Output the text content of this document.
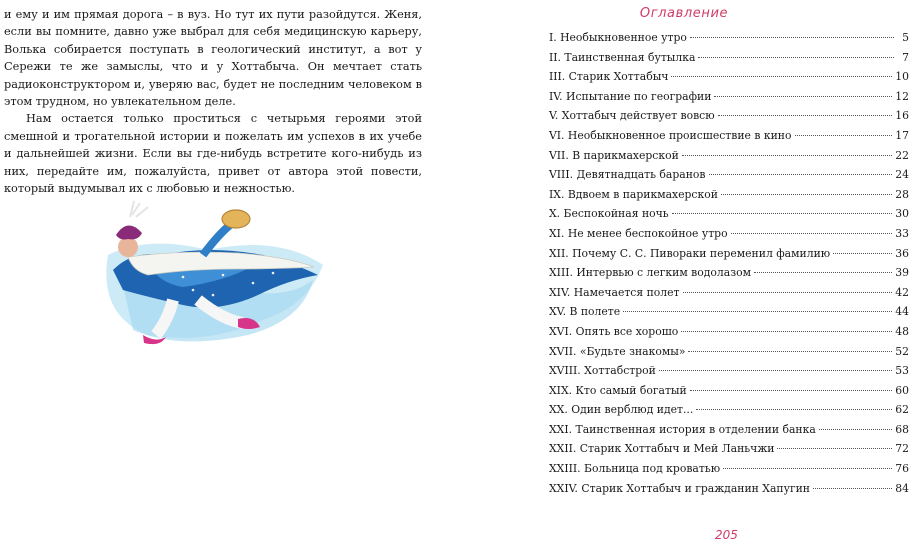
и ему и им прямая дорога – в вуз. Но тут их пути разойдутся. Женя, если вы помните, давно уже выбрал для себя медицинскую карьеру, Волька собирается поступать в геологический институт, а вот у Сережи те же замыслы, что и у Хоттабыча. Он мечтает стать радиоконструктором и, уверяю вас, будет не последним человеком в этом трудном, но увлекательном деле.

Нам остается только проститься с четырьмя героями этой смешной и трогательной истории и пожелать им успехов в их учебе и дальнейшей жизни. Если вы где-нибудь встретите кого-нибудь из них, передайте им, пожалуйста, привет от автора этой повести, который выдумывал их с любовью и нежностью.

Оглавление
I. Необыкновенное утро	5
II. Таинственная бутылка	7
III. Старик Хоттабыч	10
IV. Испытание по географии	12
V. Хоттабыч действует вовсю	16
VI. Необыкновенное происшествие в кино	17
VII. В парикмахерской	22
VIII. Девятнадцать баранов	24
IX. Вдвоем в парикмахерской	28
X. Беспокойная ночь	30
XI. Не менее беспокойное утро	33
XII. Почему С. С. Пивораки переменил фамилию	36
XIII. Интервью с легким водолазом	39
XIV. Намечается полет	42
XV. В полете	44
XVI. Опять все хорошо	48
XVII. «Будьте знакомы»	52
XVIII. Хоттабстрой	53
XIX. Кто самый богатый	60
XX. Один верблюд идет...	62
XXI. Таинственная история в отделении банка	68
XXII. Старик Хоттабыч и Мей Ланьчжи	72
XXIII. Больница под кроватью	76
XXIV. Старик Хоттабыч и гражданин Хапугин	84
205
